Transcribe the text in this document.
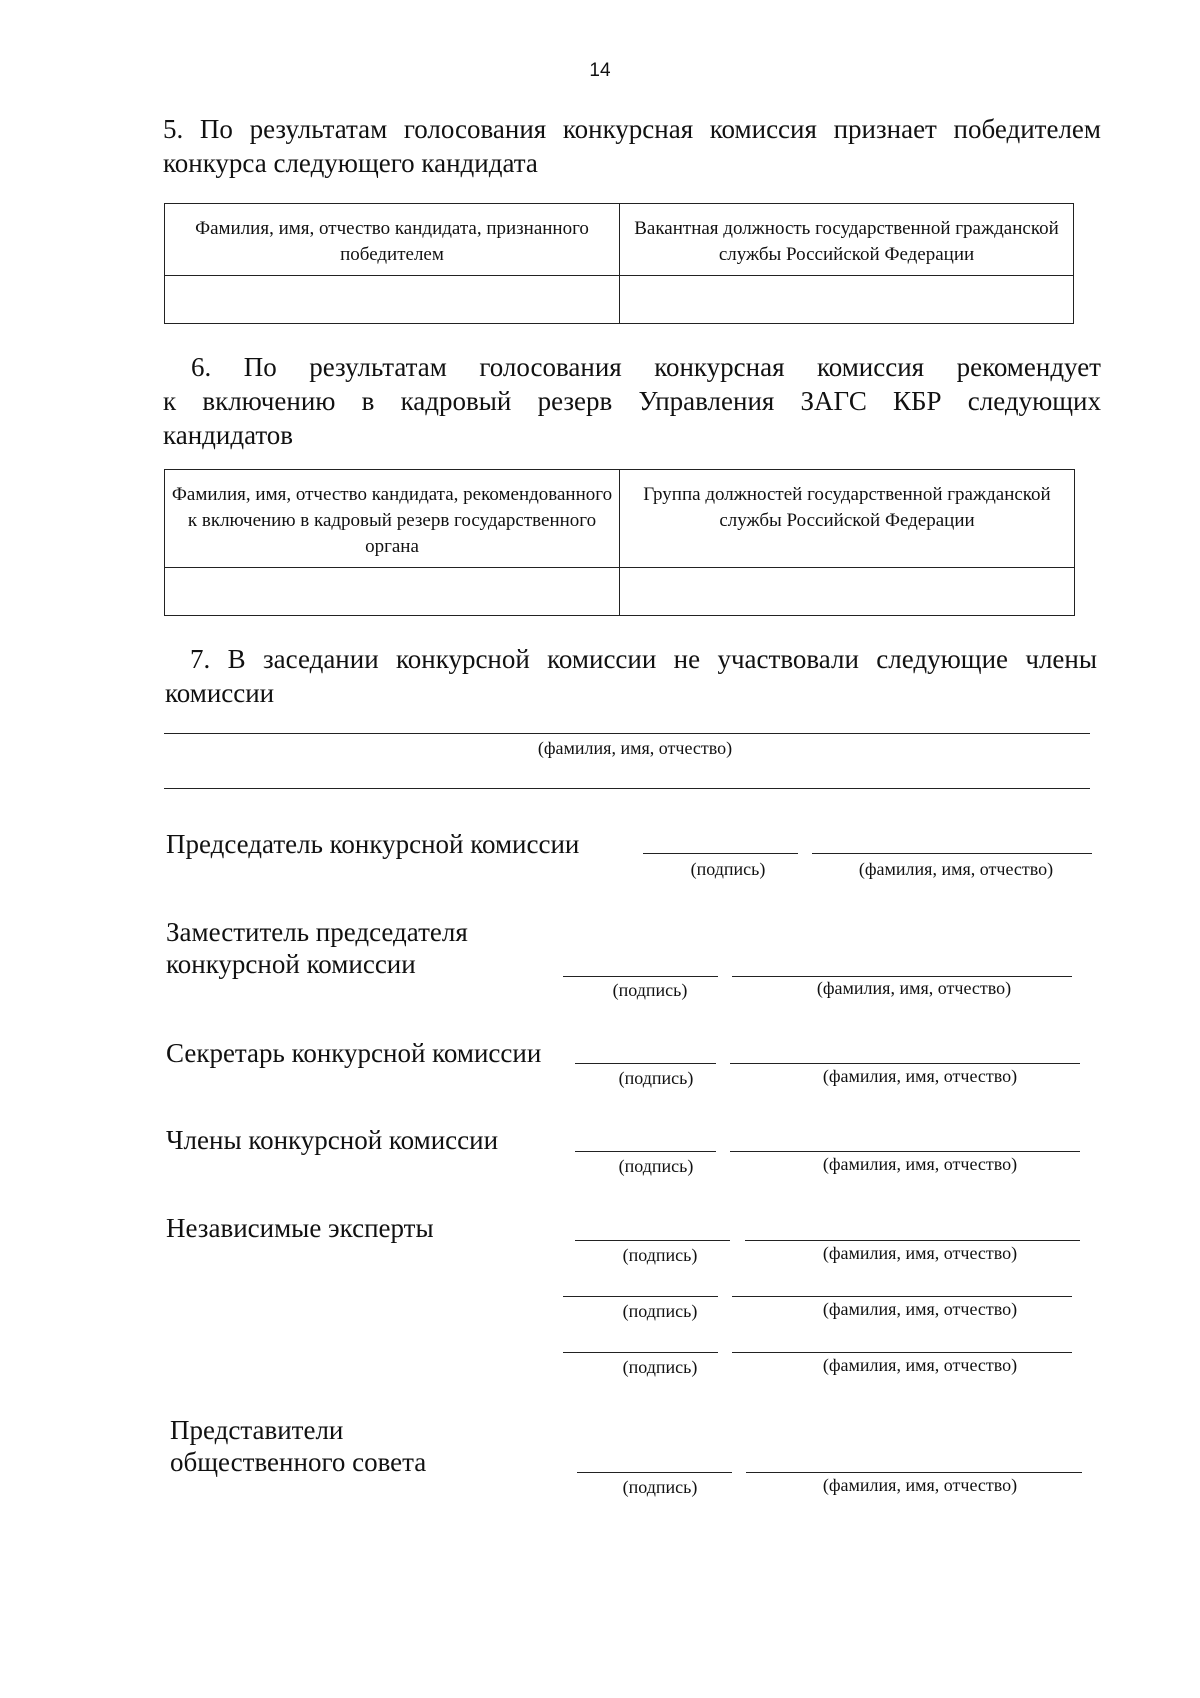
14
5. По результатам голосования конкурсная комиссия признает победителем
конкурса следующего кандидата
Фамилия, имя, отчество кандидата, признанного победителем	Вакантная должность государственной гражданской службы Российской Федерации

6. По результатам голосования конкурсная комиссия рекомендует
к включению в кадровый резерв Управления ЗАГС КБР следующих
кандидатов
Фамилия, имя, отчество кандидата, рекомендованного к включению в кадровый резерв государственного органа	Группа должностей государственной гражданской службы Российской Федерации

7. В заседании конкурсной комиссии не участвовали следующие члены
комиссии
(фамилия, имя, отчество)
Председатель конкурсной комиссии
(подпись)	(фамилия, имя, отчество)
Заместитель председателя
конкурсной комиссии
(подпись)	(фамилия, имя, отчество)
Секретарь конкурсной комиссии
(подпись)	(фамилия, имя, отчество)
Члены конкурсной комиссии
(подпись)	(фамилия, имя, отчество)
Независимые эксперты
(подпись)	(фамилия, имя, отчество)
(подпись)	(фамилия, имя, отчество)
(подпись)	(фамилия, имя, отчество)
Представители
общественного совета
(подпись)	(фамилия, имя, отчество)
